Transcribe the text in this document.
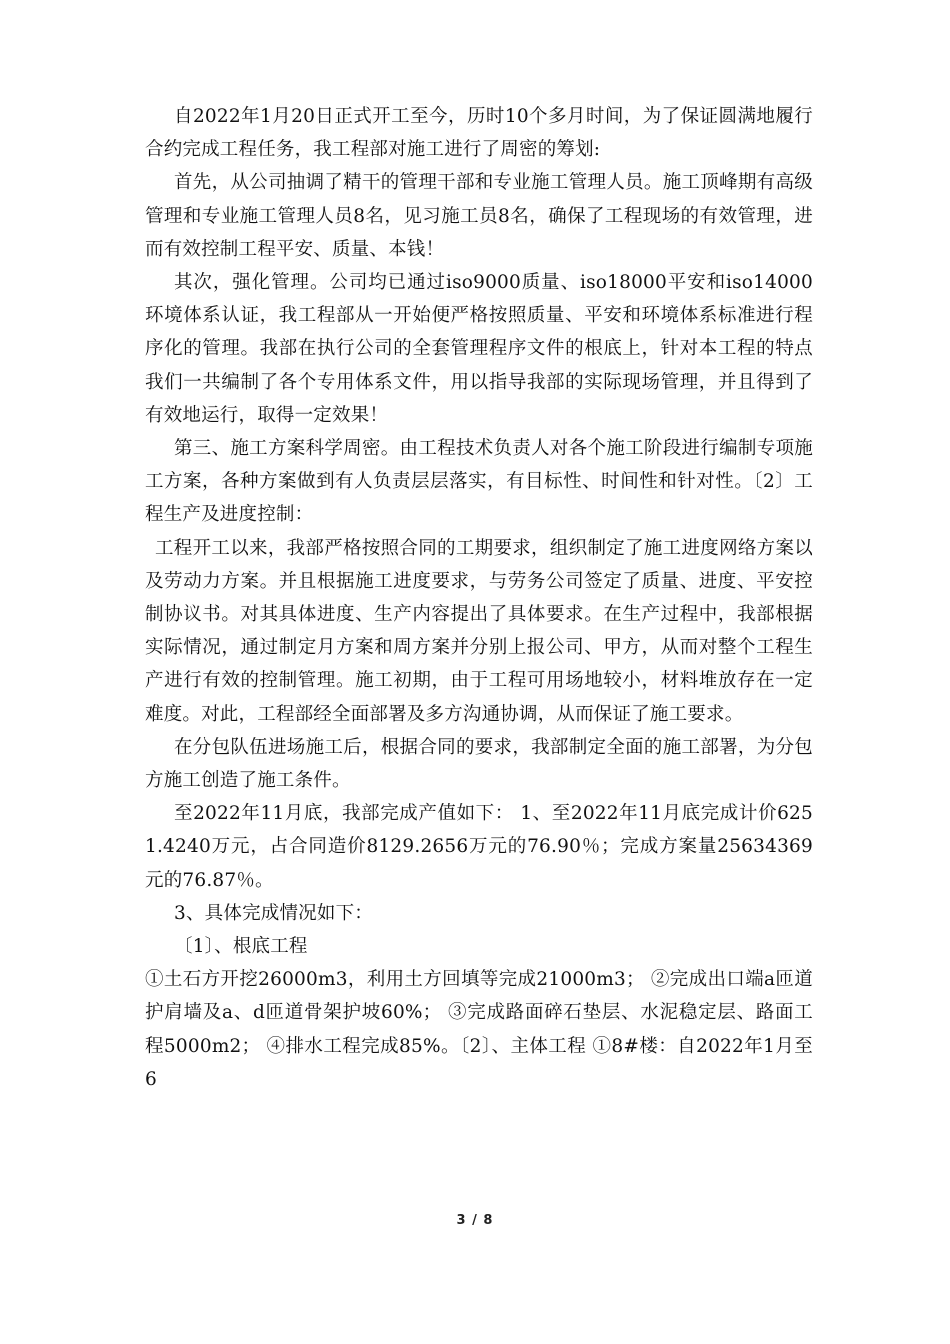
自2022年1月20日正式开工至今，历时10个多月时间，为了保证圆满地履行合约完成工程任务，我工程部对施工进行了周密的筹划:

首先，从公司抽调了精干的管理干部和专业施工管理人员。施工顶峰期有高级管理和专业施工管理人员8名，见习施工员8名，确保了工程现场的有效管理，进而有效控制工程平安、质量、本钱！

其次，强化管理。公司均已通过iso9000质量、iso18000平安和iso14000环境体系认证，我工程部从一开始便严格按照质量、平安和环境体系标准进行程序化的管理。我部在执行公司的全套管理程序文件的根底上，针对本工程的特点我们一共编制了各个专用体系文件，用以指导我部的实际现场管理，并且得到了有效地运行，取得一定效果！

第三、施工方案科学周密。由工程技术负责人对各个施工阶段进行编制专项施工方案，各种方案做到有人负责层层落实，有目标性、时间性和针对性。〔2〕工程生产及进度控制：

工程开工以来，我部严格按照合同的工期要求，组织制定了施工进度网络方案以及劳动力方案。并且根据施工进度要求，与劳务公司签定了质量、进度、平安控制协议书。对其具体进度、生产内容提出了具体要求。在生产过程中，我部根据实际情况，通过制定月方案和周方案并分别上报公司、甲方，从而对整个工程生产进行有效的控制管理。施工初期，由于工程可用场地较小，材料堆放存在一定难度。对此，工程部经全面部署及多方沟通协调，从而保证了施工要求。

在分包队伍进场施工后，根据合同的要求，我部制定全面的施工部署，为分包方施工创造了施工条件。

至2022年11月底，我部完成产值如下： 1、至2022年11月底完成计价6251.4240万元，占合同造价8129.2656万元的76.90％；完成方案量25634369元的76.87％。

3、具体完成情况如下：

〔1〕、根底工程

①土石方开挖26000m3，利用土方回填等完成21000m3； ②完成出口端a匝道护肩墙及a、d匝道骨架护坡60%； ③完成路面碎石垫层、水泥稳定层、路面工程5000m2； ④排水工程完成85%。〔2〕、主体工程 ①8#楼：自2022年1月至6

3 / 8
